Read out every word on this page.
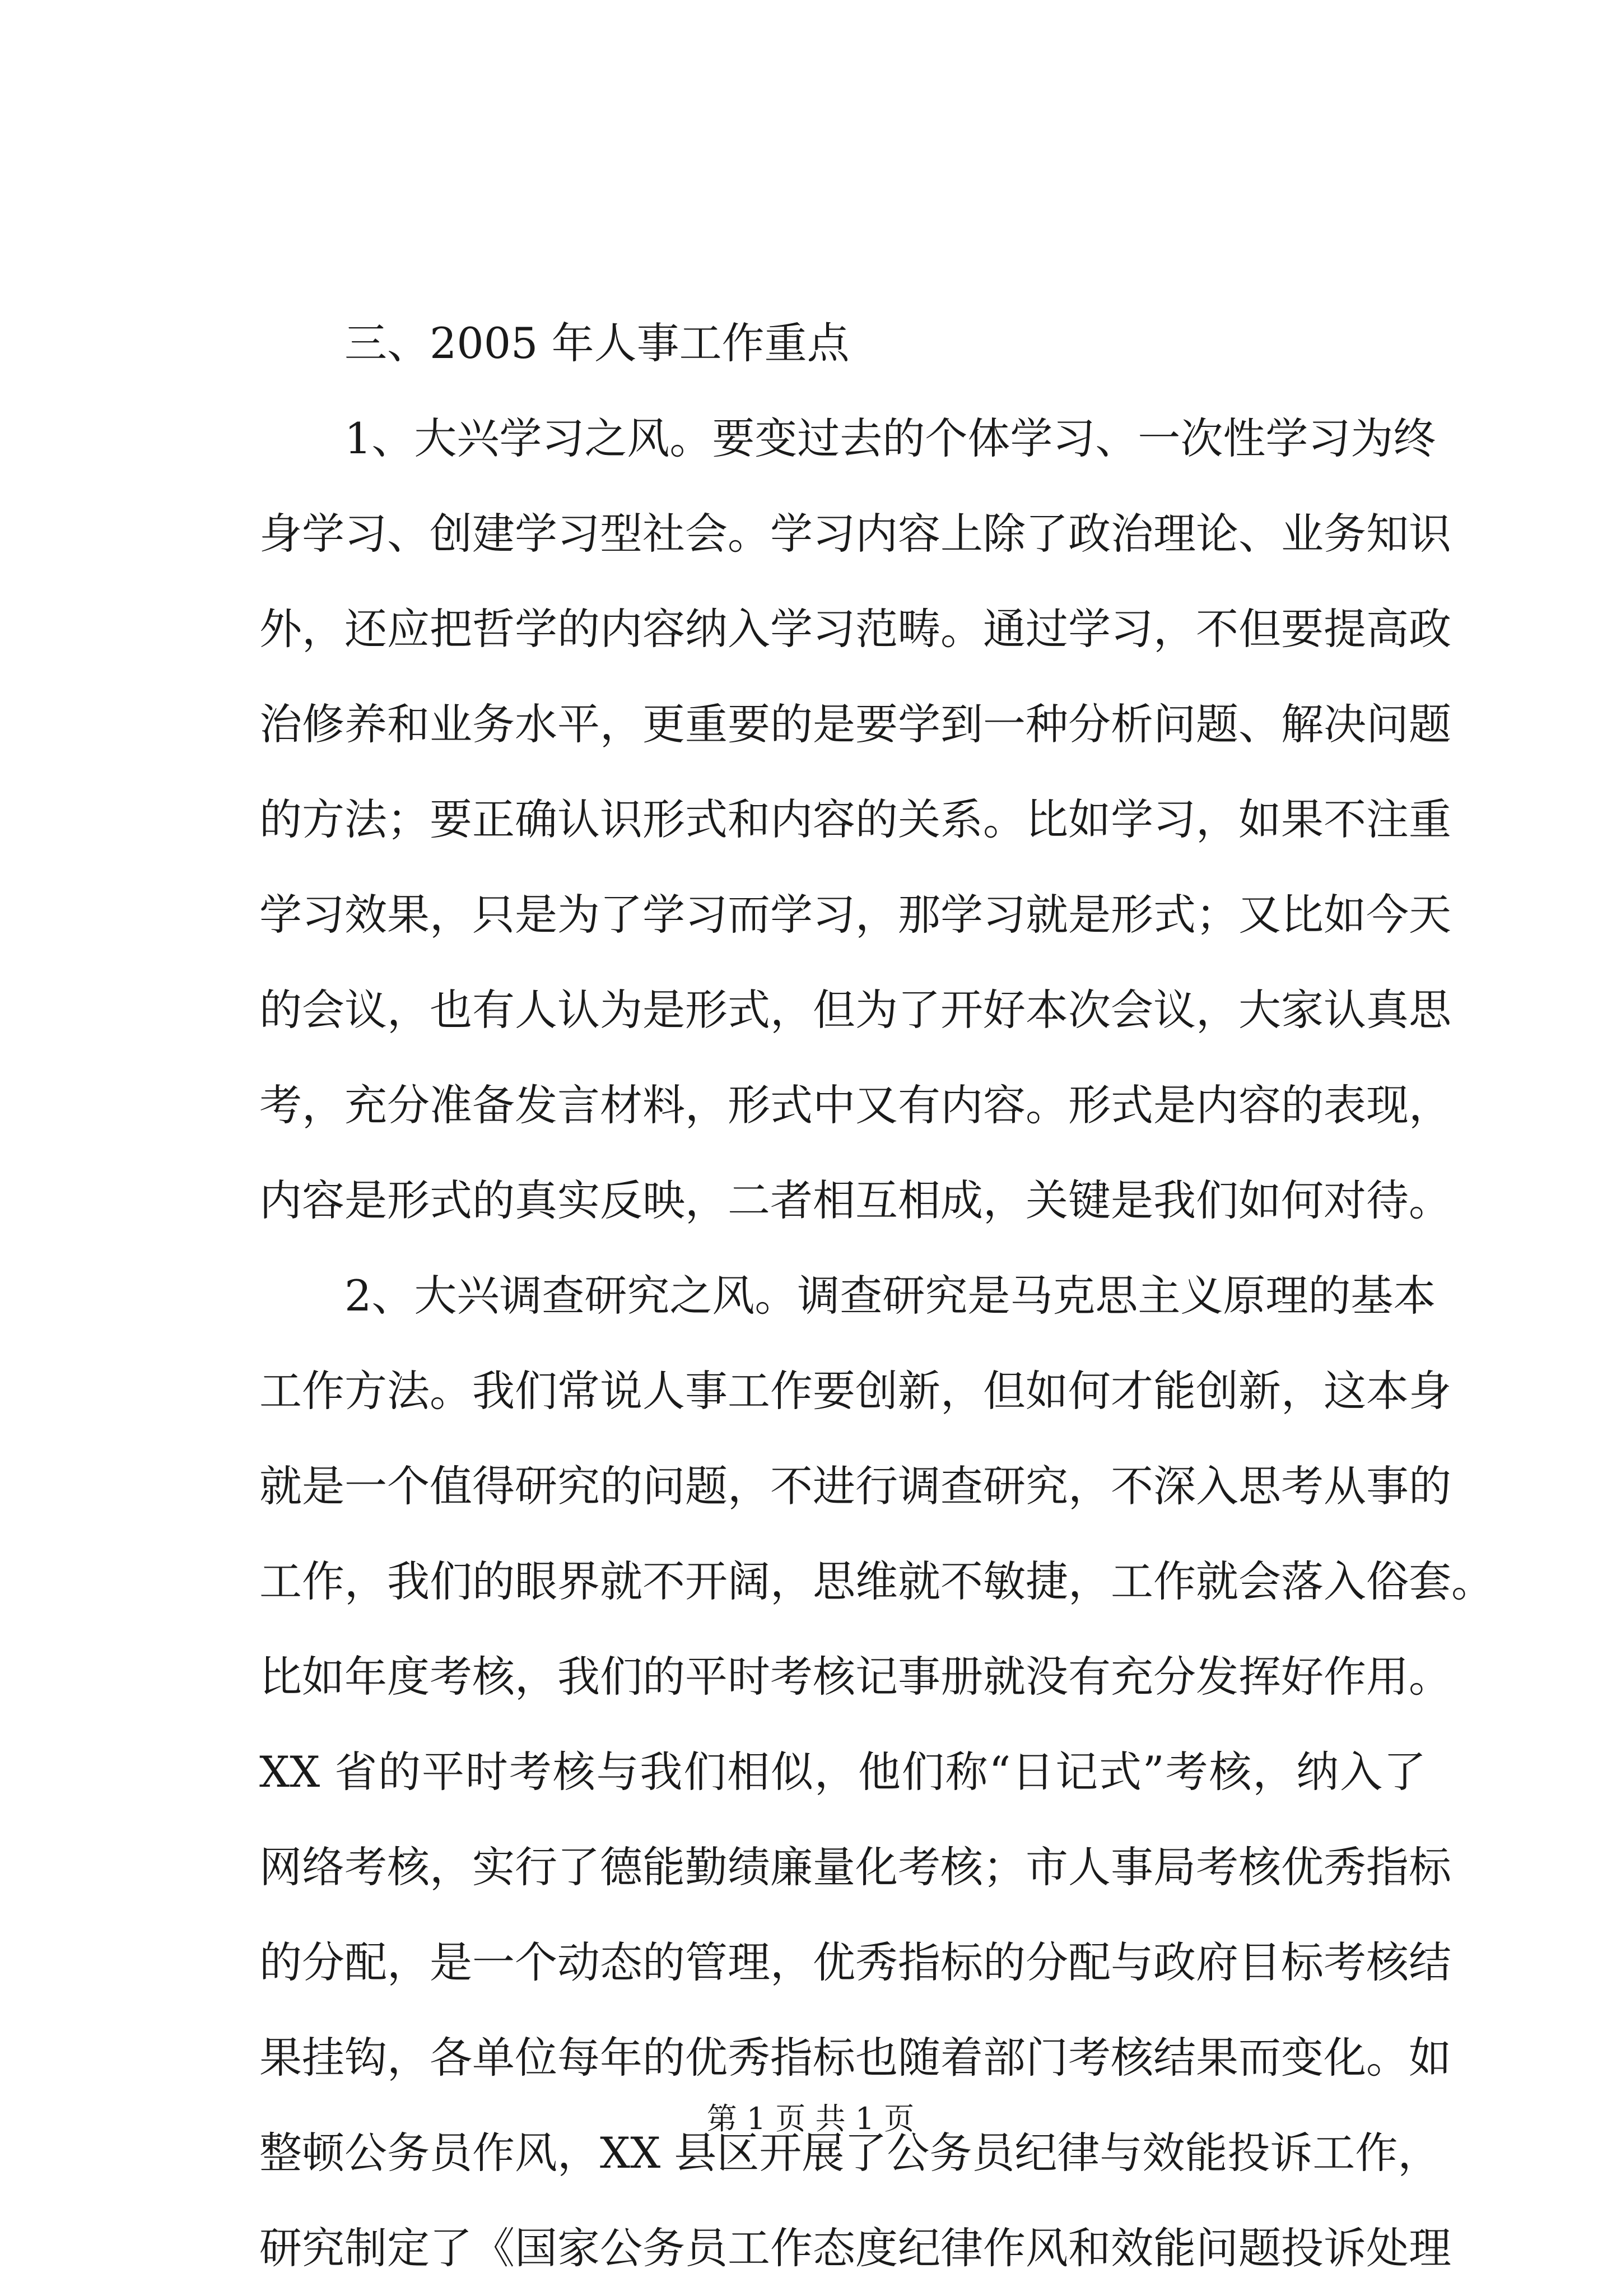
三、2005 年人事工作重点
1、大兴学习之风。要变过去的个体学习、一次性学习为终
身学习、创建学习型社会。学习内容上除了政治理论、业务知识
外，还应把哲学的内容纳入学习范畴。通过学习，不但要提高政
治修养和业务水平，更重要的是要学到一种分析问题、解决问题
的方法；要正确认识形式和内容的关系。比如学习，如果不注重
学习效果，只是为了学习而学习，那学习就是形式；又比如今天
的会议，也有人认为是形式，但为了开好本次会议，大家认真思
考，充分准备发言材料，形式中又有内容。形式是内容的表现，
内容是形式的真实反映，二者相互相成，关键是我们如何对待。
2、大兴调查研究之风。调查研究是马克思主义原理的基本
工作方法。我们常说人事工作要创新，但如何才能创新，这本身
就是一个值得研究的问题，不进行调查研究，不深入思考从事的
工作，我们的眼界就不开阔，思维就不敏捷，工作就会落入俗套。
比如年度考核，我们的平时考核记事册就没有充分发挥好作用。
XX 省的平时考核与我们相似，他们称“日记式”考核，纳入了
网络考核，实行了德能勤绩廉量化考核；市人事局考核优秀指标
的分配，是一个动态的管理，优秀指标的分配与政府目标考核结
果挂钩，各单位每年的优秀指标也随着部门考核结果而变化。如
整顿公务员作风，XX 县区开展了公务员纪律与效能投诉工作，
研究制定了《国家公务员工作态度纪律作风和效能问题投诉处理
第 1 页 共 1 页
